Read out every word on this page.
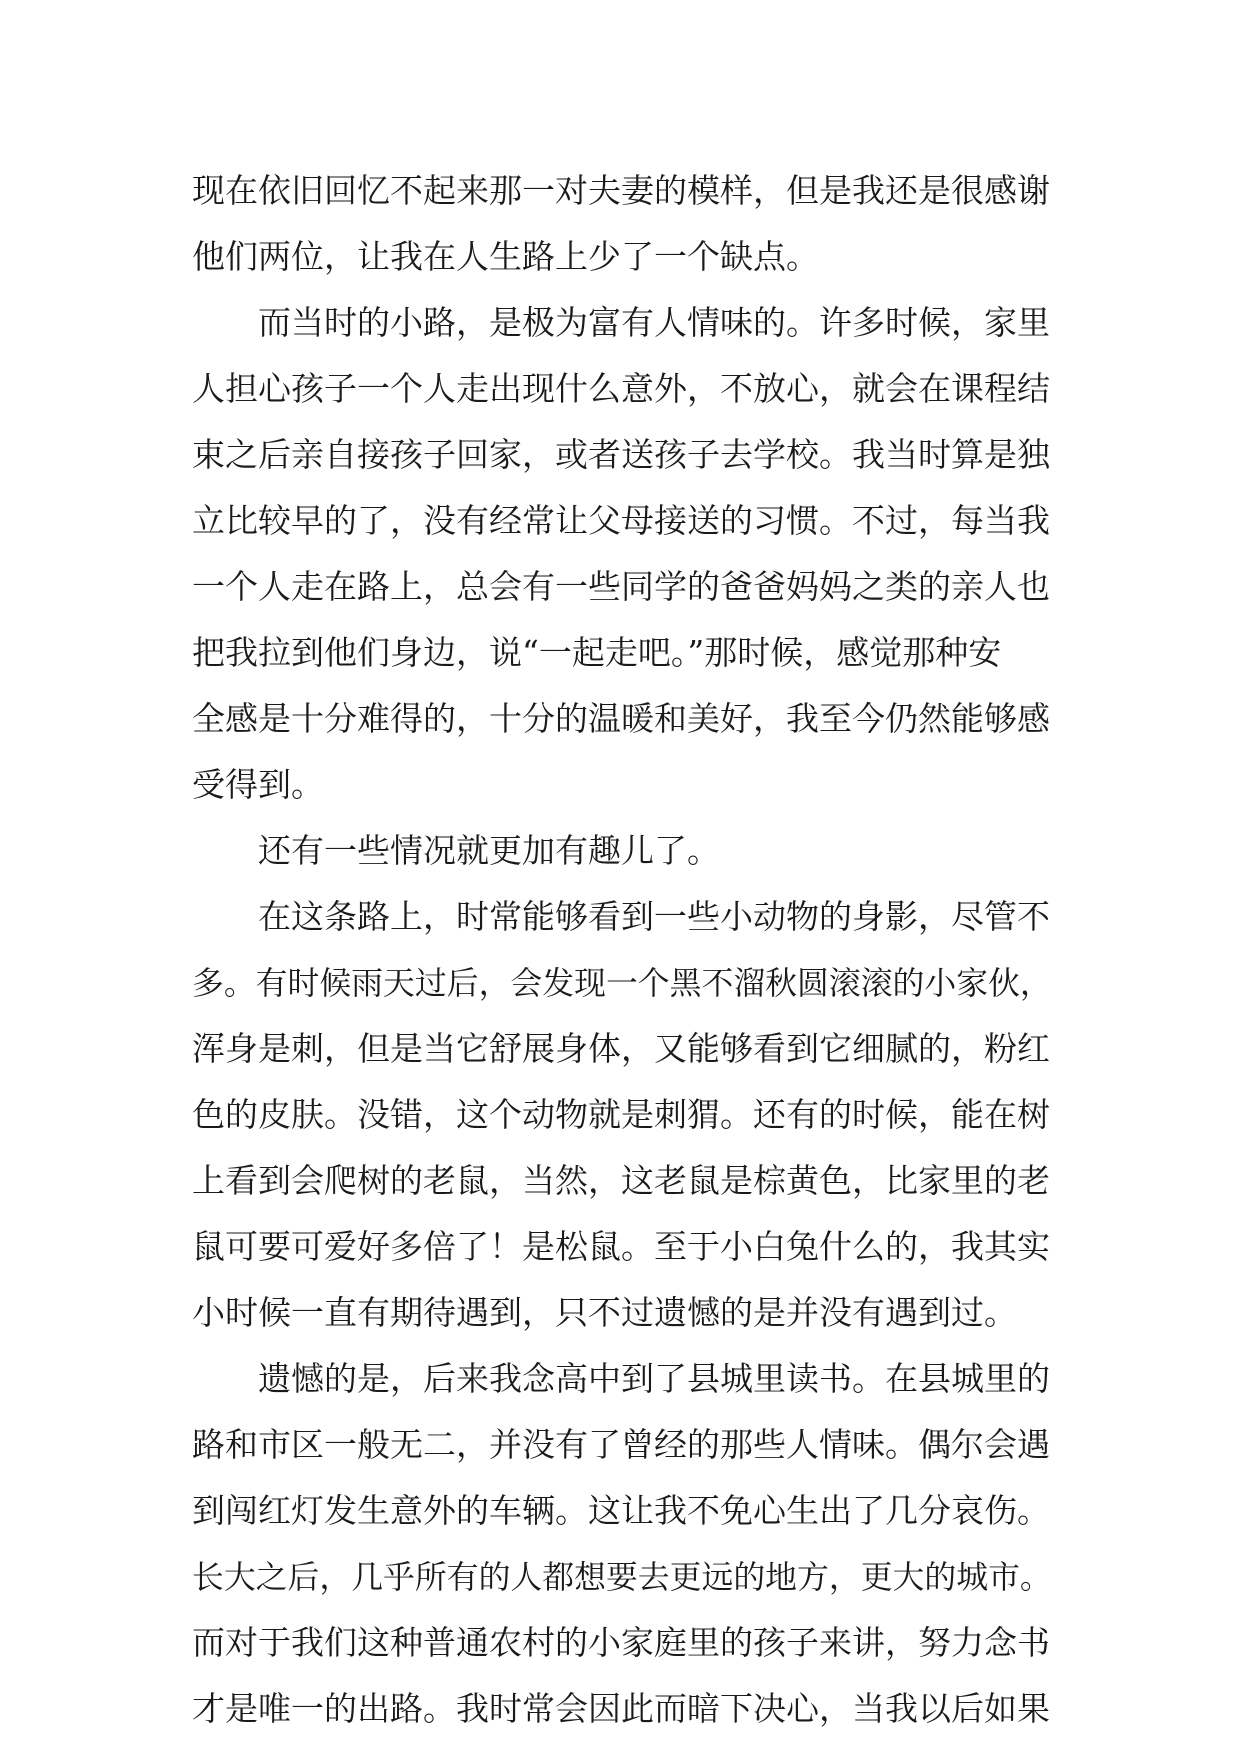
现在依旧回忆不起来那一对夫妻的模样，但是我还是很感谢
他们两位，让我在人生路上少了一个缺点。
而当时的小路，是极为富有人情味的。许多时候，家里
人担心孩子一个人走出现什么意外，不放心，就会在课程结
束之后亲自接孩子回家，或者送孩子去学校。我当时算是独
立比较早的了，没有经常让父母接送的习惯。不过，每当我
一个人走在路上，总会有一些同学的爸爸妈妈之类的亲人也
把我拉到他们身边，说“一起走吧。”那时候，感觉那种安
全感是十分难得的，十分的温暖和美好，我至今仍然能够感
受得到。
还有一些情况就更加有趣儿了。
在这条路上，时常能够看到一些小动物的身影，尽管不
多。有时候雨天过后，会发现一个黑不溜秋圆滚滚的小家伙，
浑身是刺，但是当它舒展身体，又能够看到它细腻的，粉红
色的皮肤。没错，这个动物就是刺猬。还有的时候，能在树
上看到会爬树的老鼠，当然，这老鼠是棕黄色，比家里的老
鼠可要可爱好多倍了！是松鼠。至于小白兔什么的，我其实
小时候一直有期待遇到，只不过遗憾的是并没有遇到过。
遗憾的是，后来我念高中到了县城里读书。在县城里的
路和市区一般无二，并没有了曾经的那些人情味。偶尔会遇
到闯红灯发生意外的车辆。这让我不免心生出了几分哀伤。
长大之后，几乎所有的人都想要去更远的地方，更大的城市。
而对于我们这种普通农村的小家庭里的孩子来讲，努力念书
才是唯一的出路。我时常会因此而暗下决心，当我以后如果
